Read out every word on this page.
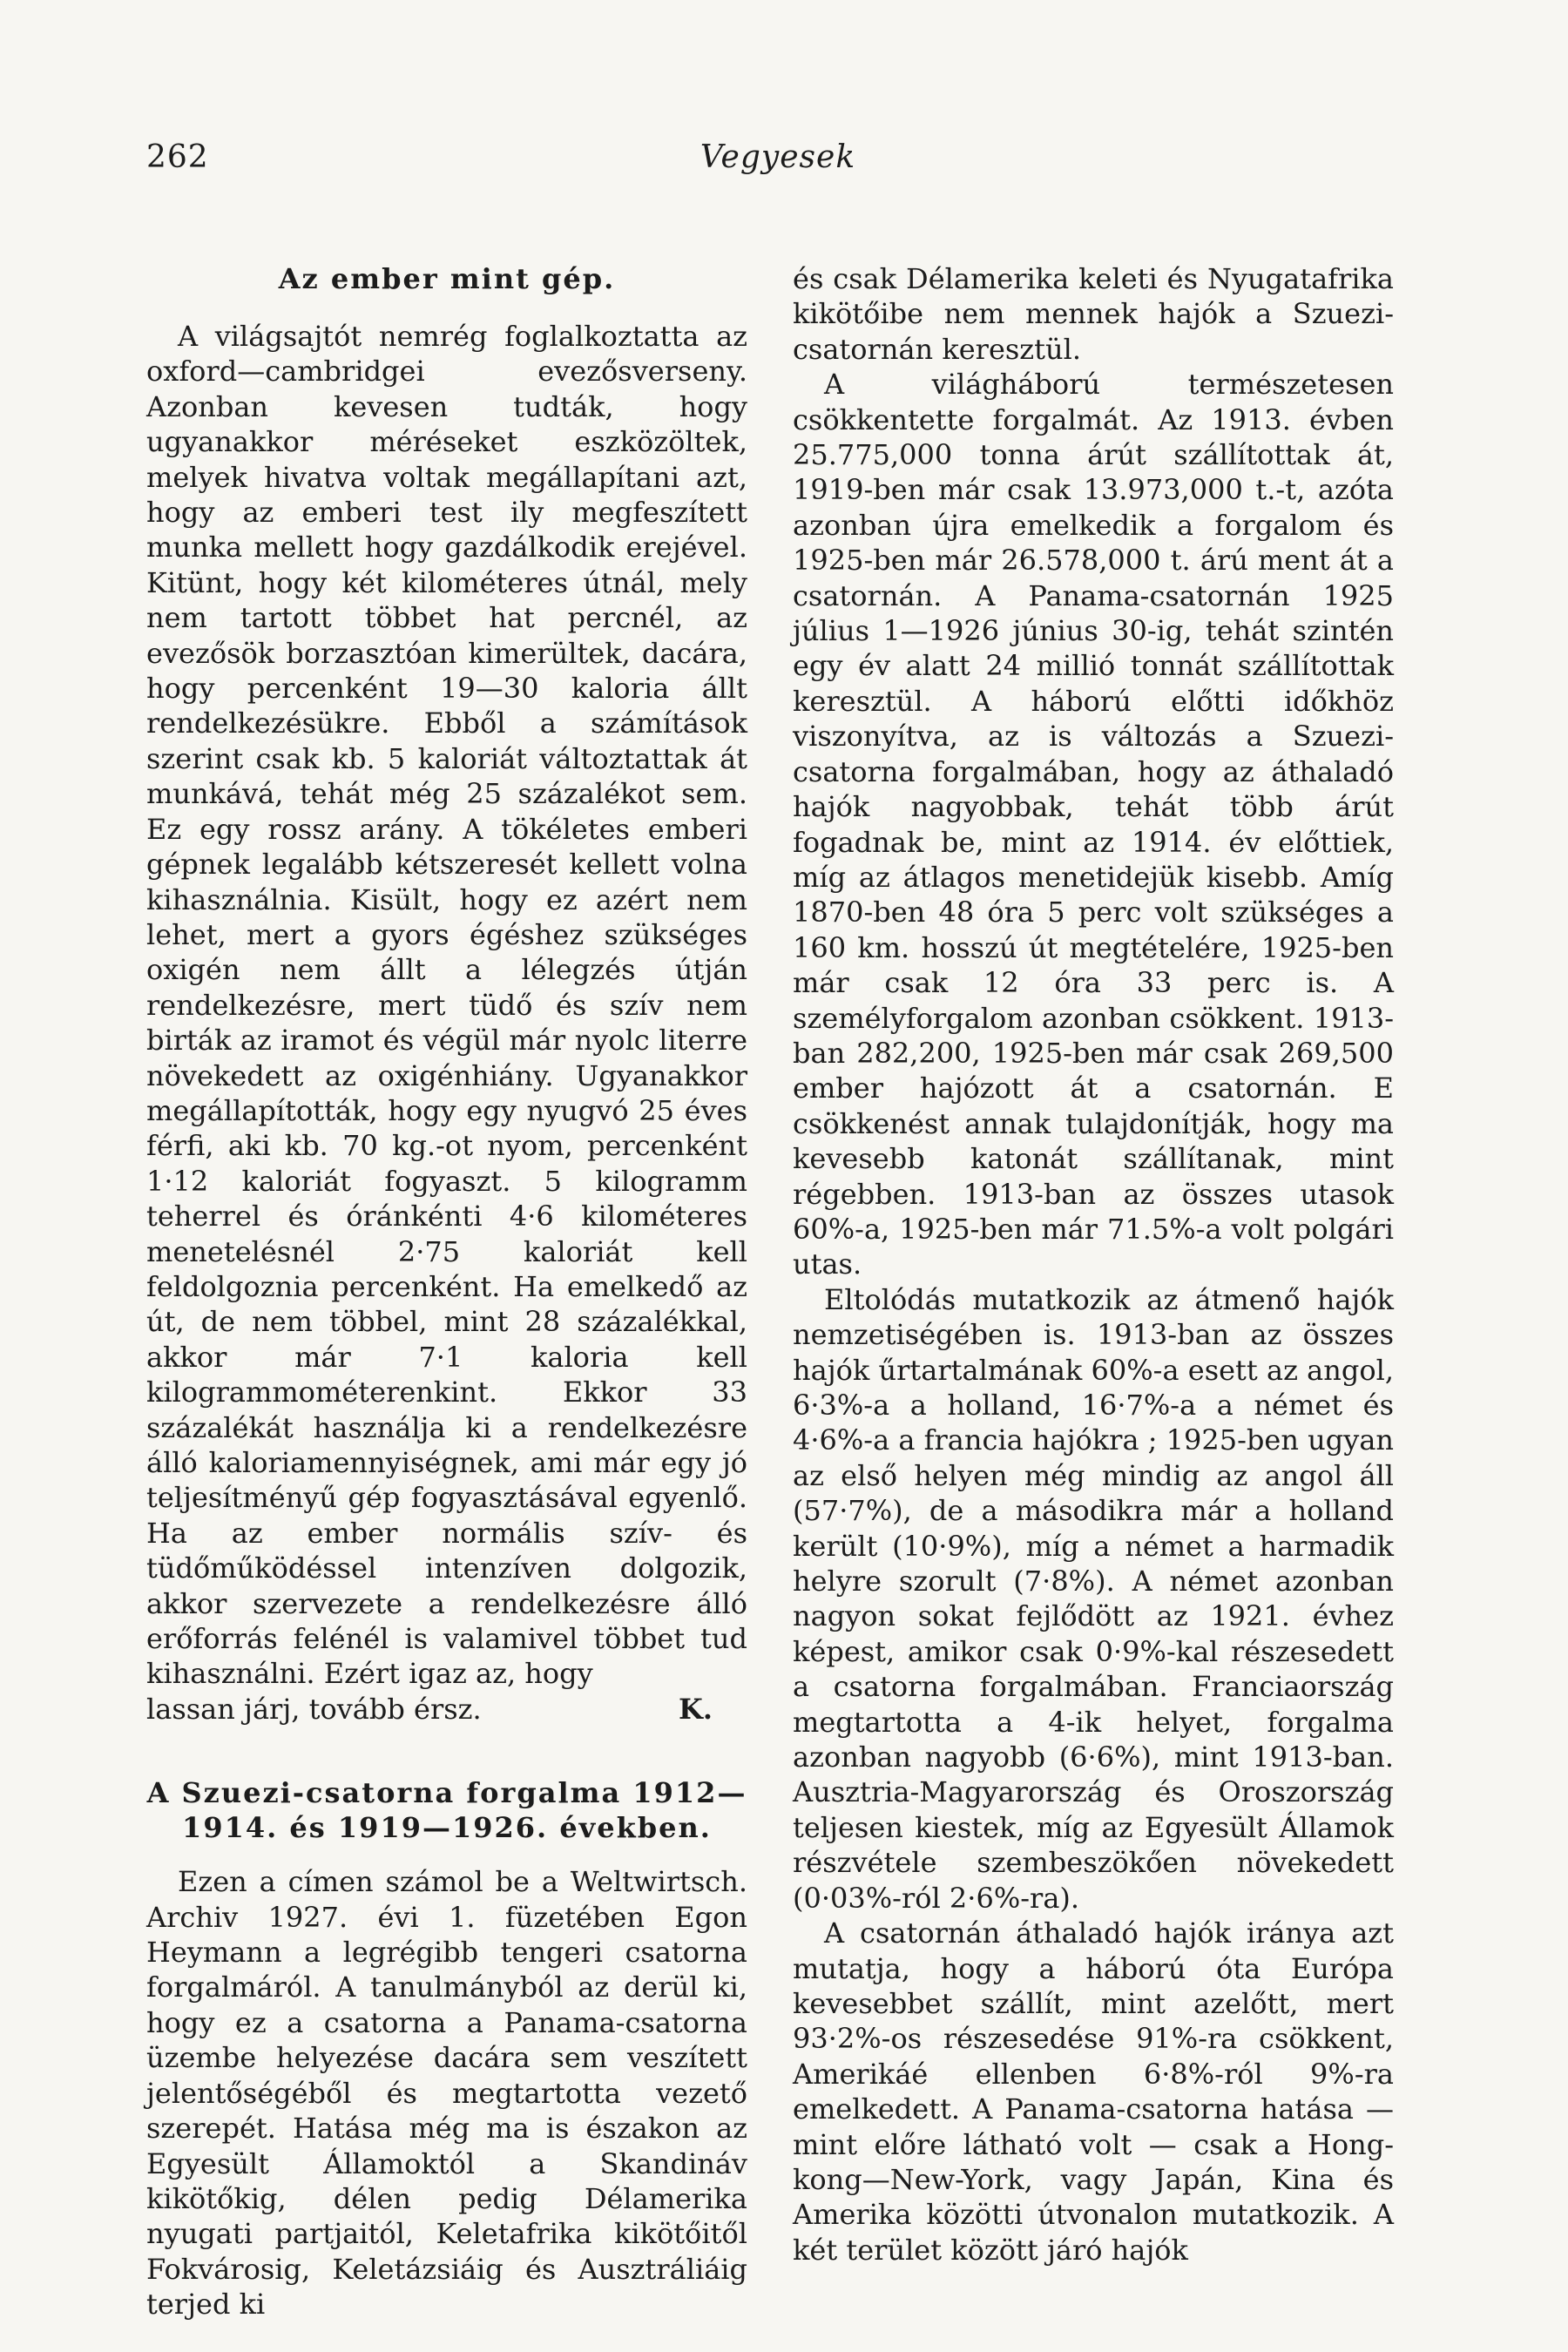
262	Vegyesek
Az ember mint gép.

A világsajtót nemrég foglalkoztatta az oxford—cambridgei evezősverseny. Azonban kevesen tudták, hogy ugyanakkor méréseket eszközöltek, melyek hivatva voltak megállapítani azt, hogy az emberi test ily megfeszített munka mellett hogy gazdálkodik erejével. Kitünt, hogy két kilométeres útnál, mely nem tartott többet hat percnél, az evezősök borzasztóan kimerültek, dacára, hogy percenként 19—30 kaloria állt rendelkezésükre. Ebből a számítások szerint csak kb. 5 kaloriát változtattak át munkává, tehát még 25 százalékot sem. Ez egy rossz arány. A tökéletes emberi gépnek legalább kétszeresét kellett volna kihasználnia. Kisült, hogy ez azért nem lehet, mert a gyors égéshez szükséges oxigén nem állt a lélegzés útján rendelkezésre, mert tüdő és szív nem birták az iramot és végül már nyolc literre növekedett az oxigénhiány. Ugyanakkor megállapították, hogy egy nyugvó 25 éves férfi, aki kb. 70 kg.-ot nyom, percenként 1·12 kaloriát fogyaszt. 5 kilogramm teherrel és óránkénti 4·6 kilométeres menetelésnél 2·75 kaloriát kell feldolgoznia percenként. Ha emelkedő az út, de nem többel, mint 28 százalékkal, akkor már 7·1 kaloria kell kilogrammométerenkint. Ekkor 33 százalékát használja ki a rendelkezésre álló kaloriamennyiségnek, ami már egy jó teljesítményű gép fogyasztásával egyenlő. Ha az ember normális szív- és tüdőműködéssel intenzíven dolgozik, akkor szervezete a rendelkezésre álló erőforrás felénél is valamivel többet tud kihasználni. Ezért igaz az, hogy

lassan járj, tovább érsz.	K.

A Szuezi-csatorna forgalma 1912—
1914. és 1919—1926. években.

Ezen a címen számol be a Weltwirtsch. Archiv 1927. évi 1. füzetében Egon Heymann a legrégibb tengeri csatorna forgalmáról. A tanulmányból az derül ki, hogy ez a csatorna a Panama-csatorna üzembe helyezése dacára sem veszített jelentőségéből és megtartotta vezető szerepét. Hatása még ma is északon az Egyesült Államoktól a Skandináv kikötőkig, délen pedig Délamerika nyugati partjaitól, Keletafrika kikötőitől Fokvárosig, Keletázsiáig és Ausztráliáig terjed ki

és csak Délamerika keleti és Nyugatafrika kikötőibe nem mennek hajók a Szuezi-csatornán keresztül.

A világháború természetesen csökkentette forgalmát. Az 1913. évben 25.775,000 tonna árút szállítottak át, 1919-ben már csak 13.973,000 t.-t, azóta azonban újra emelkedik a forgalom és 1925-ben már 26.578,000 t. árú ment át a csatornán. A Panama-csatornán 1925 július 1—1926 június 30-ig, tehát szintén egy év alatt 24 millió tonnát szállítottak keresztül. A háború előtti időkhöz viszonyítva, az is változás a Szuezi-csatorna forgalmában, hogy az áthaladó hajók nagyobbak, tehát több árút fogadnak be, mint az 1914. év előttiek, míg az átlagos menetidejük kisebb. Amíg 1870-ben 48 óra 5 perc volt szükséges a 160 km. hosszú út megtételére, 1925-ben már csak 12 óra 33 perc is. A személyforgalom azonban csökkent. 1913-ban 282,200, 1925-ben már csak 269,500 ember hajózott át a csatornán. E csökkenést annak tulajdonítják, hogy ma kevesebb katonát szállítanak, mint régebben. 1913-ban az összes utasok 60%-a, 1925-ben már 71.5%-a volt polgári utas.

Eltolódás mutatkozik az átmenő hajók nemzetiségében is. 1913-ban az összes hajók űrtartalmának 60%-a esett az angol, 6·3%-a a holland, 16·7%-a a német és 4·6%-a a francia hajókra ; 1925-ben ugyan az első helyen még mindig az angol áll (57·7%), de a másodikra már a holland került (10·9%), míg a német a harmadik helyre szorult (7·8%). A német azonban nagyon sokat fejlődött az 1921. évhez képest, amikor csak 0·9%-kal részesedett a csatorna forgalmában. Franciaország megtartotta a 4-ik helyet, forgalma azonban nagyobb (6·6%), mint 1913-ban. Ausztria-Magyarország és Oroszország teljesen kiestek, míg az Egyesült Államok részvétele szembeszökően növekedett (0·03%-ról 2·6%-ra).

A csatornán áthaladó hajók iránya azt mutatja, hogy a háború óta Európa kevesebbet szállít, mint azelőtt, mert 93·2%-os részesedése 91%-ra csökkent, Amerikáé ellenben 6·8%-ról 9%-ra emelkedett. A Panama-csatorna hatása — mint előre látható volt — csak a Hong-kong—New-York, vagy Japán, Kina és Amerika közötti útvonalon mutatkozik. A két terület között járó hajók
